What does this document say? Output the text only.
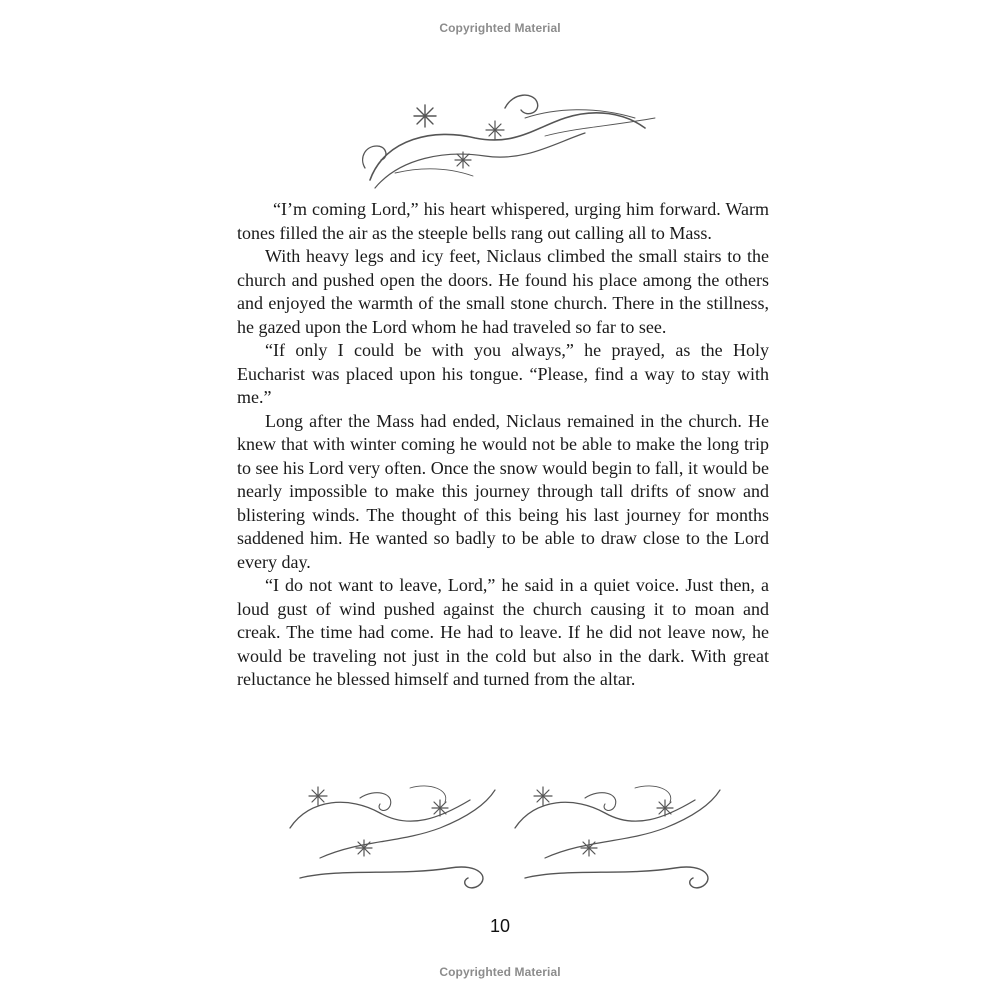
Copyrighted Material

“I’m coming Lord,” his heart whispered, urging him forward. Warm tones filled the air as the steeple bells rang out calling all to Mass.

With heavy legs and icy feet, Niclaus climbed the small stairs to the church and pushed open the doors. He found his place among the others and enjoyed the warmth of the small stone church. There in the stillness, he gazed upon the Lord whom he had traveled so far to see.

“If only I could be with you always,” he prayed, as the Holy Eucharist was placed upon his tongue. “Please, find a way to stay with me.”

Long after the Mass had ended, Niclaus remained in the church. He knew that with winter coming he would not be able to make the long trip to see his Lord very often. Once the snow would begin to fall, it would be nearly impossible to make this journey through tall drifts of snow and blistering winds. The thought of this being his last journey for months saddened him. He wanted so badly to be able to draw close to the Lord every day.

“I do not want to leave, Lord,” he said in a quiet voice. Just then, a loud gust of wind pushed against the church causing it to moan and creak. The time had come. He had to leave. If he did not leave now, he would be traveling not just in the cold but also in the dark. With great reluctance he blessed himself and turned from the altar.

10
Copyrighted Material
